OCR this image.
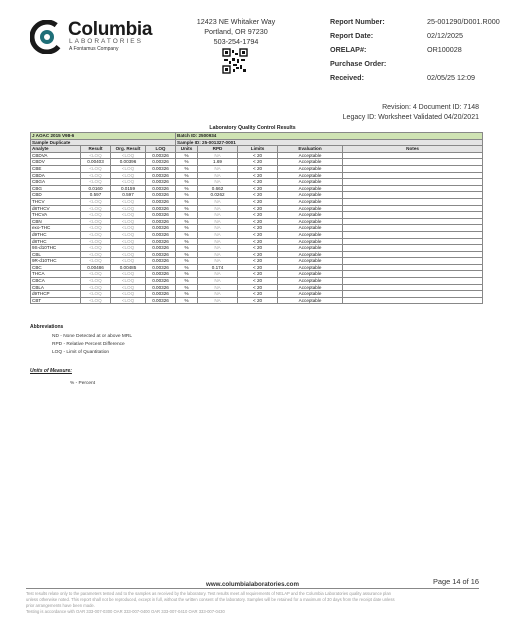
Columbia
LABORATORIES
A Fontamus Company
12423 NE Whitaker Way
Portland, OR 97230
503-254-1794
Report Number:	25-001290/D001.R000
Report Date:	02/12/2025
ORELAP#:	OR100028
Purchase Order:
Received:	02/05/25 12:09
Revision: 4 Document ID: 7148
Legacy ID: Worksheet Validated 04/20/2021
Laboratory Quality Control Results
J AOAC 2015 V98-6				Batch ID: 2500934				
Sample Duplicate				Sample ID: 25-001327-0001				
Analyte	Result	Org. Result	LOQ	Units	RPD	Limits	Evaluation	Notes
CBDVA	<LOQ	<LOQ	0.00326	%	NA	< 20	Acceptable	
CBDV	0.00403	0.00396	0.00326	%	1.69	< 20	Acceptable	
CBE	<LOQ	<LOQ	0.00326	%	NA	< 20	Acceptable	
CBDA	<LOQ	<LOQ	0.00326	%	NA	< 20	Acceptable	
CBGA	<LOQ	<LOQ	0.00326	%	NA	< 20	Acceptable	
CBG	0.0160	0.0159	0.00326	%	0.662	< 20	Acceptable	
CBD	0.597	0.597	0.00326	%	0.0262	< 20	Acceptable	
THCV	<LOQ	<LOQ	0.00326	%	NA	< 20	Acceptable	
d8THCV	<LOQ	<LOQ	0.00326	%	NA	< 20	Acceptable	
THCVA	<LOQ	<LOQ	0.00326	%	NA	< 20	Acceptable	
CBN	<LOQ	<LOQ	0.00326	%	NA	< 20	Acceptable	
exo-THC	<LOQ	<LOQ	0.00326	%	NA	< 20	Acceptable	
d9THC	<LOQ	<LOQ	0.00326	%	NA	< 20	Acceptable	
d8THC	<LOQ	<LOQ	0.00326	%	NA	< 20	Acceptable	
9S-d10THC	<LOQ	<LOQ	0.00326	%	NA	< 20	Acceptable	
CBL	<LOQ	<LOQ	0.00326	%	NA	< 20	Acceptable	
9R-d10THC	<LOQ	<LOQ	0.00326	%	NA	< 20	Acceptable	
CBC	0.00486	0.00485	0.00326	%	0.174	< 20	Acceptable	
THCA	<LOQ	<LOQ	0.00326	%	NA	< 20	Acceptable	
CBCA	<LOQ	<LOQ	0.00326	%	NA	< 20	Acceptable	
CBLA	<LOQ	<LOQ	0.00326	%	NA	< 20	Acceptable	
d9THCP	<LOQ	<LOQ	0.00326	%	NA	< 20	Acceptable	
CBT	<LOQ	<LOQ	0.00326	%	NA	< 20	Acceptable	
Abbreviations
ND - None Detected at or above MRL
RPD - Relative Percent Difference
LOQ - Limit of Quantitation
Units of Measure:
% - Percent
Page 14 of 16
www.columbialaboratories.com
Test results relate only to the parameters tested and to the samples as received by the laboratory. Test results meet all requirements of NELAP and the Columbia Laboratories quality assurance plan
unless otherwise noted. This report shall not be reproduced, except in full, without the written consent of the laboratory. Samples will be retained for a maximum of 30 days from the receipt date unless
prior arrangements have been made.
Testing is accordance with OAR 333-007-0300 OAR 333-007-0400 OAR 333-007-0410 OAR 333-007-0430
